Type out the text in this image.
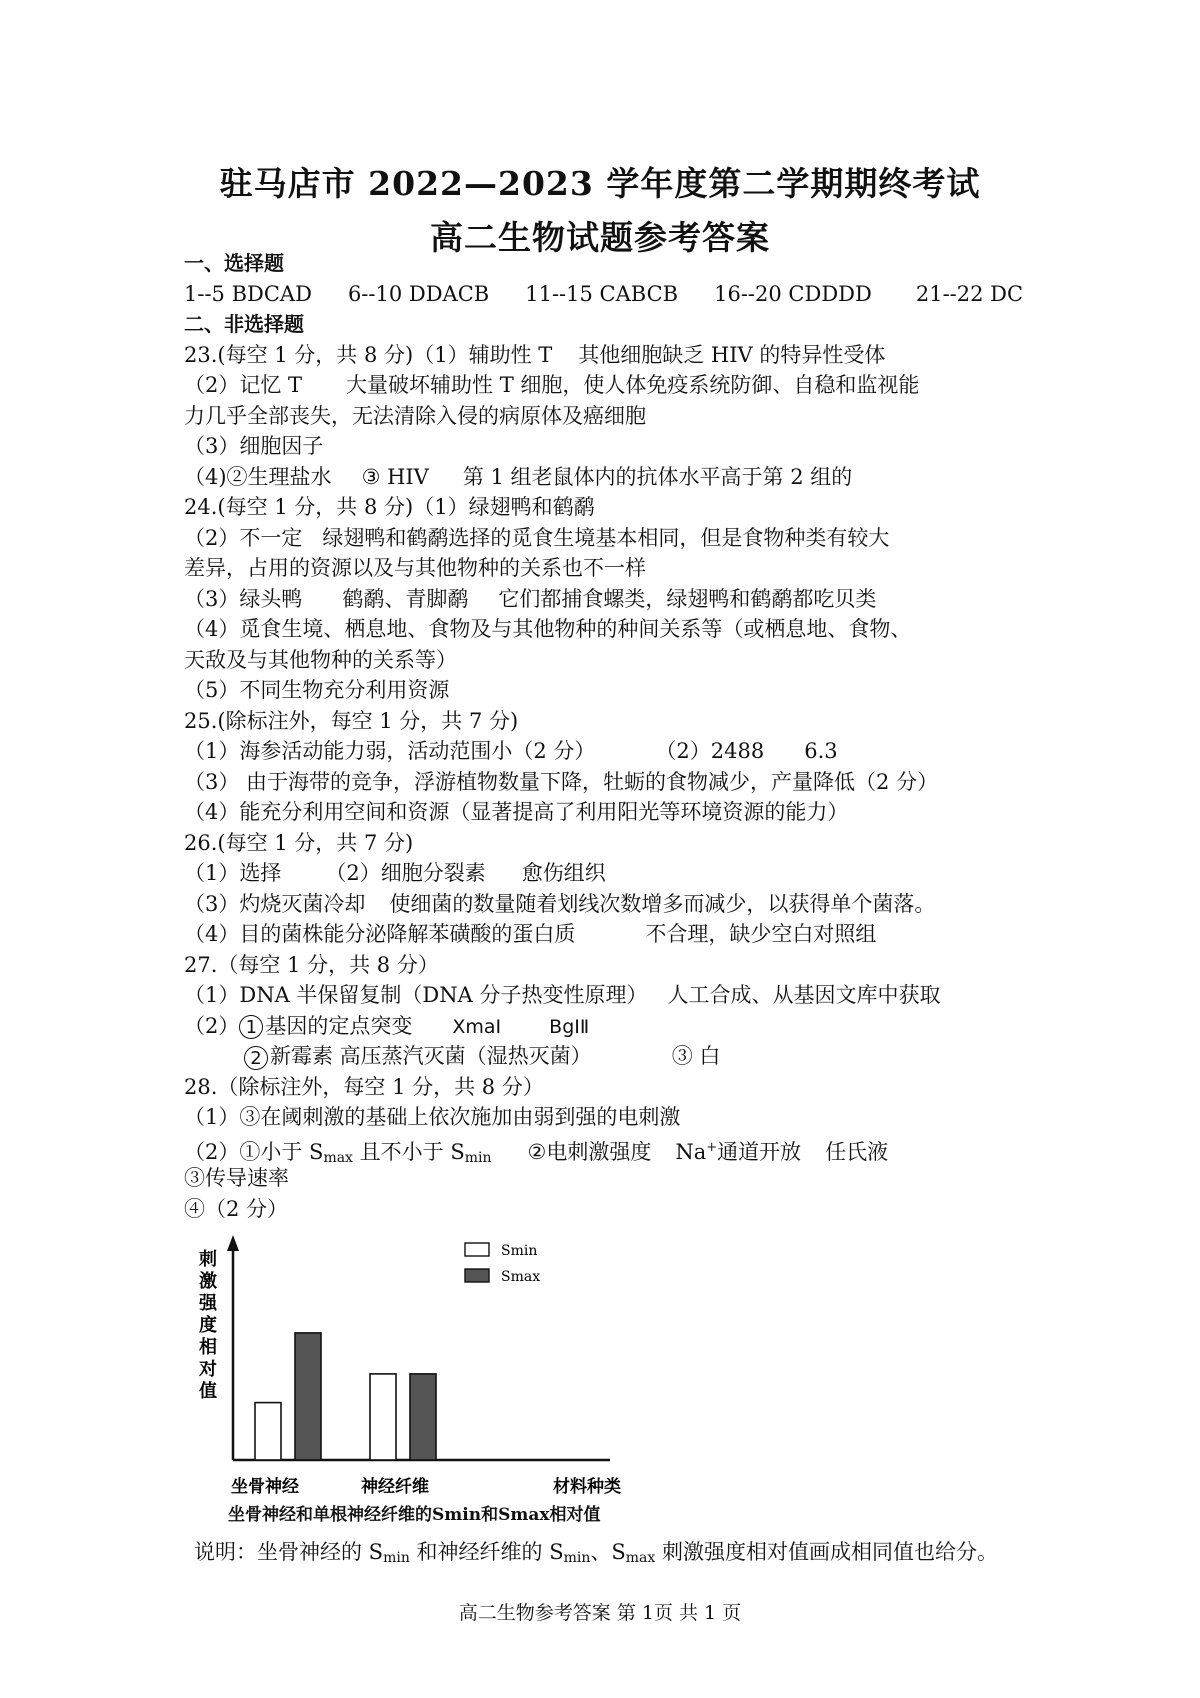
驻马店市 2022—2023 学年度第二学期期终考试
高二生物试题参考答案
一、选择题
1--5 BDCAD 6--10 DDACB 11--15 CABCB 16--20 CDDDD 21--22 DC
二、非选择题
23.(每空 1 分，共 8 分)（1）辅助性 T 其他细胞缺乏 HIV 的特异性受体
（2）记忆 T 大量破坏辅助性 T 细胞，使人体免疫系统防御、自稳和监视能
力几乎全部丧失，无法清除入侵的病原体及癌细胞
（3）细胞因子
（4)②生理盐水 ③ HIV 第 1 组老鼠体内的抗体水平高于第 2 组的
24.(每空 1 分，共 8 分)（1）绿翅鸭和鹤鹬
（2）不一定 绿翅鸭和鹤鹬选择的觅食生境基本相同，但是食物种类有较大
差异，占用的资源以及与其他物种的关系也不一样
（3）绿头鸭 鹤鹬、青脚鹬 它们都捕食螺类，绿翅鸭和鹤鹬都吃贝类
（4）觅食生境、栖息地、食物及与其他物种的种间关系等（或栖息地、食物、
天敌及与其他物种的关系等）
（5）不同生物充分利用资源
25.(除标注外，每空 1 分，共 7 分)
（1）海参活动能力弱，活动范围小（2 分）	（2）2488 6.3
（3） 由于海带的竞争，浮游植物数量下降，牡蛎的食物减少，产量降低（2 分）
（4）能充分利用空间和资源（显著提高了利用阳光等环境资源的能力）
26.(每空 1 分，共 7 分)
（1）选择 （2）细胞分裂素 愈伤组织
（3）灼烧灭菌冷却 使细菌的数量随着划线次数增多而减少，以获得单个菌落。
（4）目的菌株能分泌降解苯磺酸的蛋白质	不合理，缺少空白对照组
27.（每空 1 分，共 8 分）
（1）DNA 半保留复制（DNA 分子热变性原理） 人工合成、从基因文库中获取
（2） 1 基因的定点突变 XmaI	BgⅠⅡ
2 新霉素 高压蒸汽灭菌（湿热灭菌）	③ 白
28.（除标注外，每空 1 分，共 8 分）
（1）③在阈刺激的基础上依次施加由弱到强的电刺激
（2）①小于 $S_{max}$ 且不小于 $S_{min}$ ②电刺激强度 Na+通道开放 任氏液
③传导速率
④（2 分）
刺激强度相对值
坐骨神经	神经纤维	材料种类
Smin
Smax
坐骨神经和单根神经纤维的Smin和Smax相对值
说明：坐骨神经的 $S_{min}$ 和神经纤维的 $S_{min}$、$S_{max}$ 刺激强度相对值画成相同值也给分。
高二生物参考答案 第 1页 共 1 页
